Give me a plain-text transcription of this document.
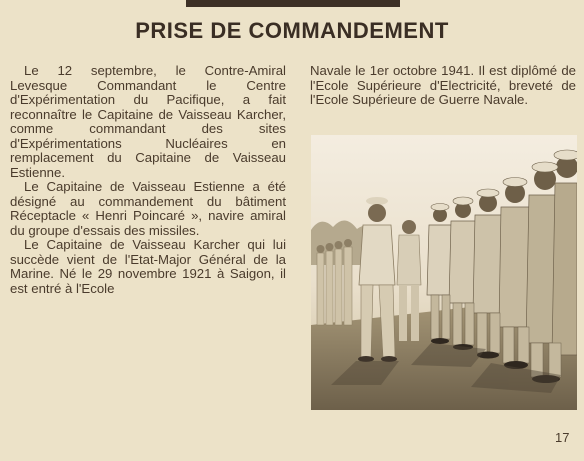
PRISE DE COMMANDEMENT

Le 12 septembre, le Contre-Amiral Levesque Commandant le Centre d'Expérimentation du Pacifique, a fait reconnaître le Capitaine de Vaisseau Karcher, comme commandant des sites d'Expérimentations Nucléaires en remplacement du Capitaine de Vaisseau Estienne.

Le Capitaine de Vaisseau Estienne a été désigné au commandement du bâtiment Réceptacle « Henri Poincaré », navire amiral du groupe d'essais des missiles.

Le Capitaine de Vaisseau Karcher qui lui succède vient de l'Etat-Major Général de la Marine. Né le 29 novembre 1921 à Saigon, il est entré à l'Ecole

Navale le 1er octobre 1941. Il est diplômé de l'Ecole Supérieure d'Electricité, breveté de l'Ecole Supérieure de Guerre Navale.

17
